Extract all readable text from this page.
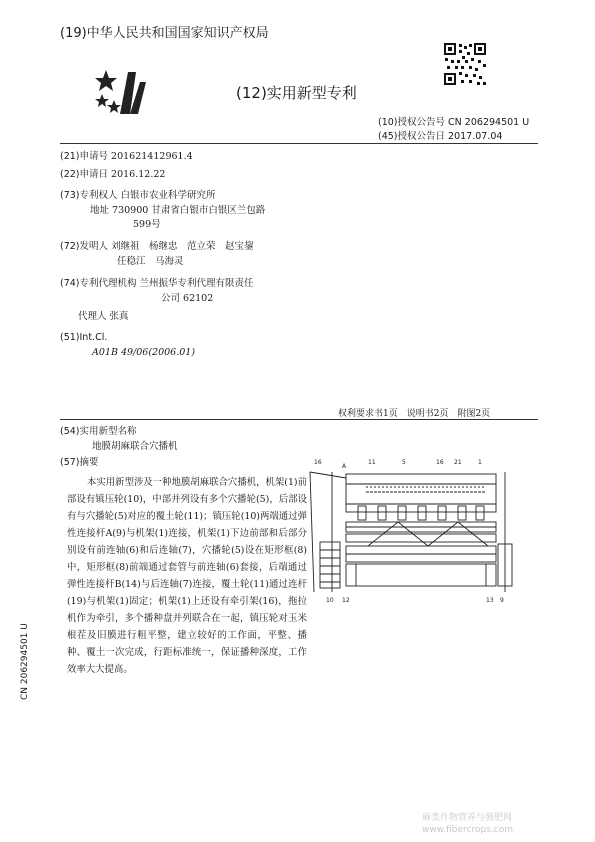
(19)中华人民共和国国家知识产权局
(12)实用新型专利
(10)授权公告号 CN 206294501 U
(45)授权公告日 2017.07.04
(21)申请号 201621412961.4
(22)申请日 2016.12.22
(73)专利权人 白银市农业科学研究所
地址 730900 甘肃省白银市白银区兰包路
599号
(72)发明人 刘继祖　杨继忠　范立荣　赵宝鋆
任稳江　马海灵
(74)专利代理机构 兰州振华专利代理有限责任
公司 62102
代理人 张真
(51)Int.Cl.
A01B 49/06(2006.01)
权利要求书1页　说明书2页　附图2页
(54)实用新型名称
地膜胡麻联合穴播机
(57)摘要
本实用新型涉及一种地膜胡麻联合穴播机，机架(1)前部设有镇压轮(10)，中部并列设有多个穴播轮(5)，后部设有与穴播轮(5)对应的覆土轮(11)；镇压轮(10)两端通过弹性连接杆A(9)与机架(1)连接，机架(1)下边前部和后部分别设有前连轴(6)和后连轴(7)，穴播轮(5)设在矩形框(8)中，矩形框(8)前端通过套管与前连轴(6)套接，后端通过弹性连接杆B(14)与后连轴(7)连接，覆土轮(11)通过连杆(19)与机架(1)固定；机架(1)上还设有牵引架(16)，拖拉机作为牵引，多个播种盘并列联合在一起，镇压轮对玉米根茬及旧膜进行粗平整，建立较好的工作面，平整、播种、覆土一次完成，行距标准统一，保证播种深度，工作效率大大提高。
16
A
11	5	16 21	1
10 12	13 9
CN 206294501 U
麻类作物营养与施肥网
www.fibercrops.com
